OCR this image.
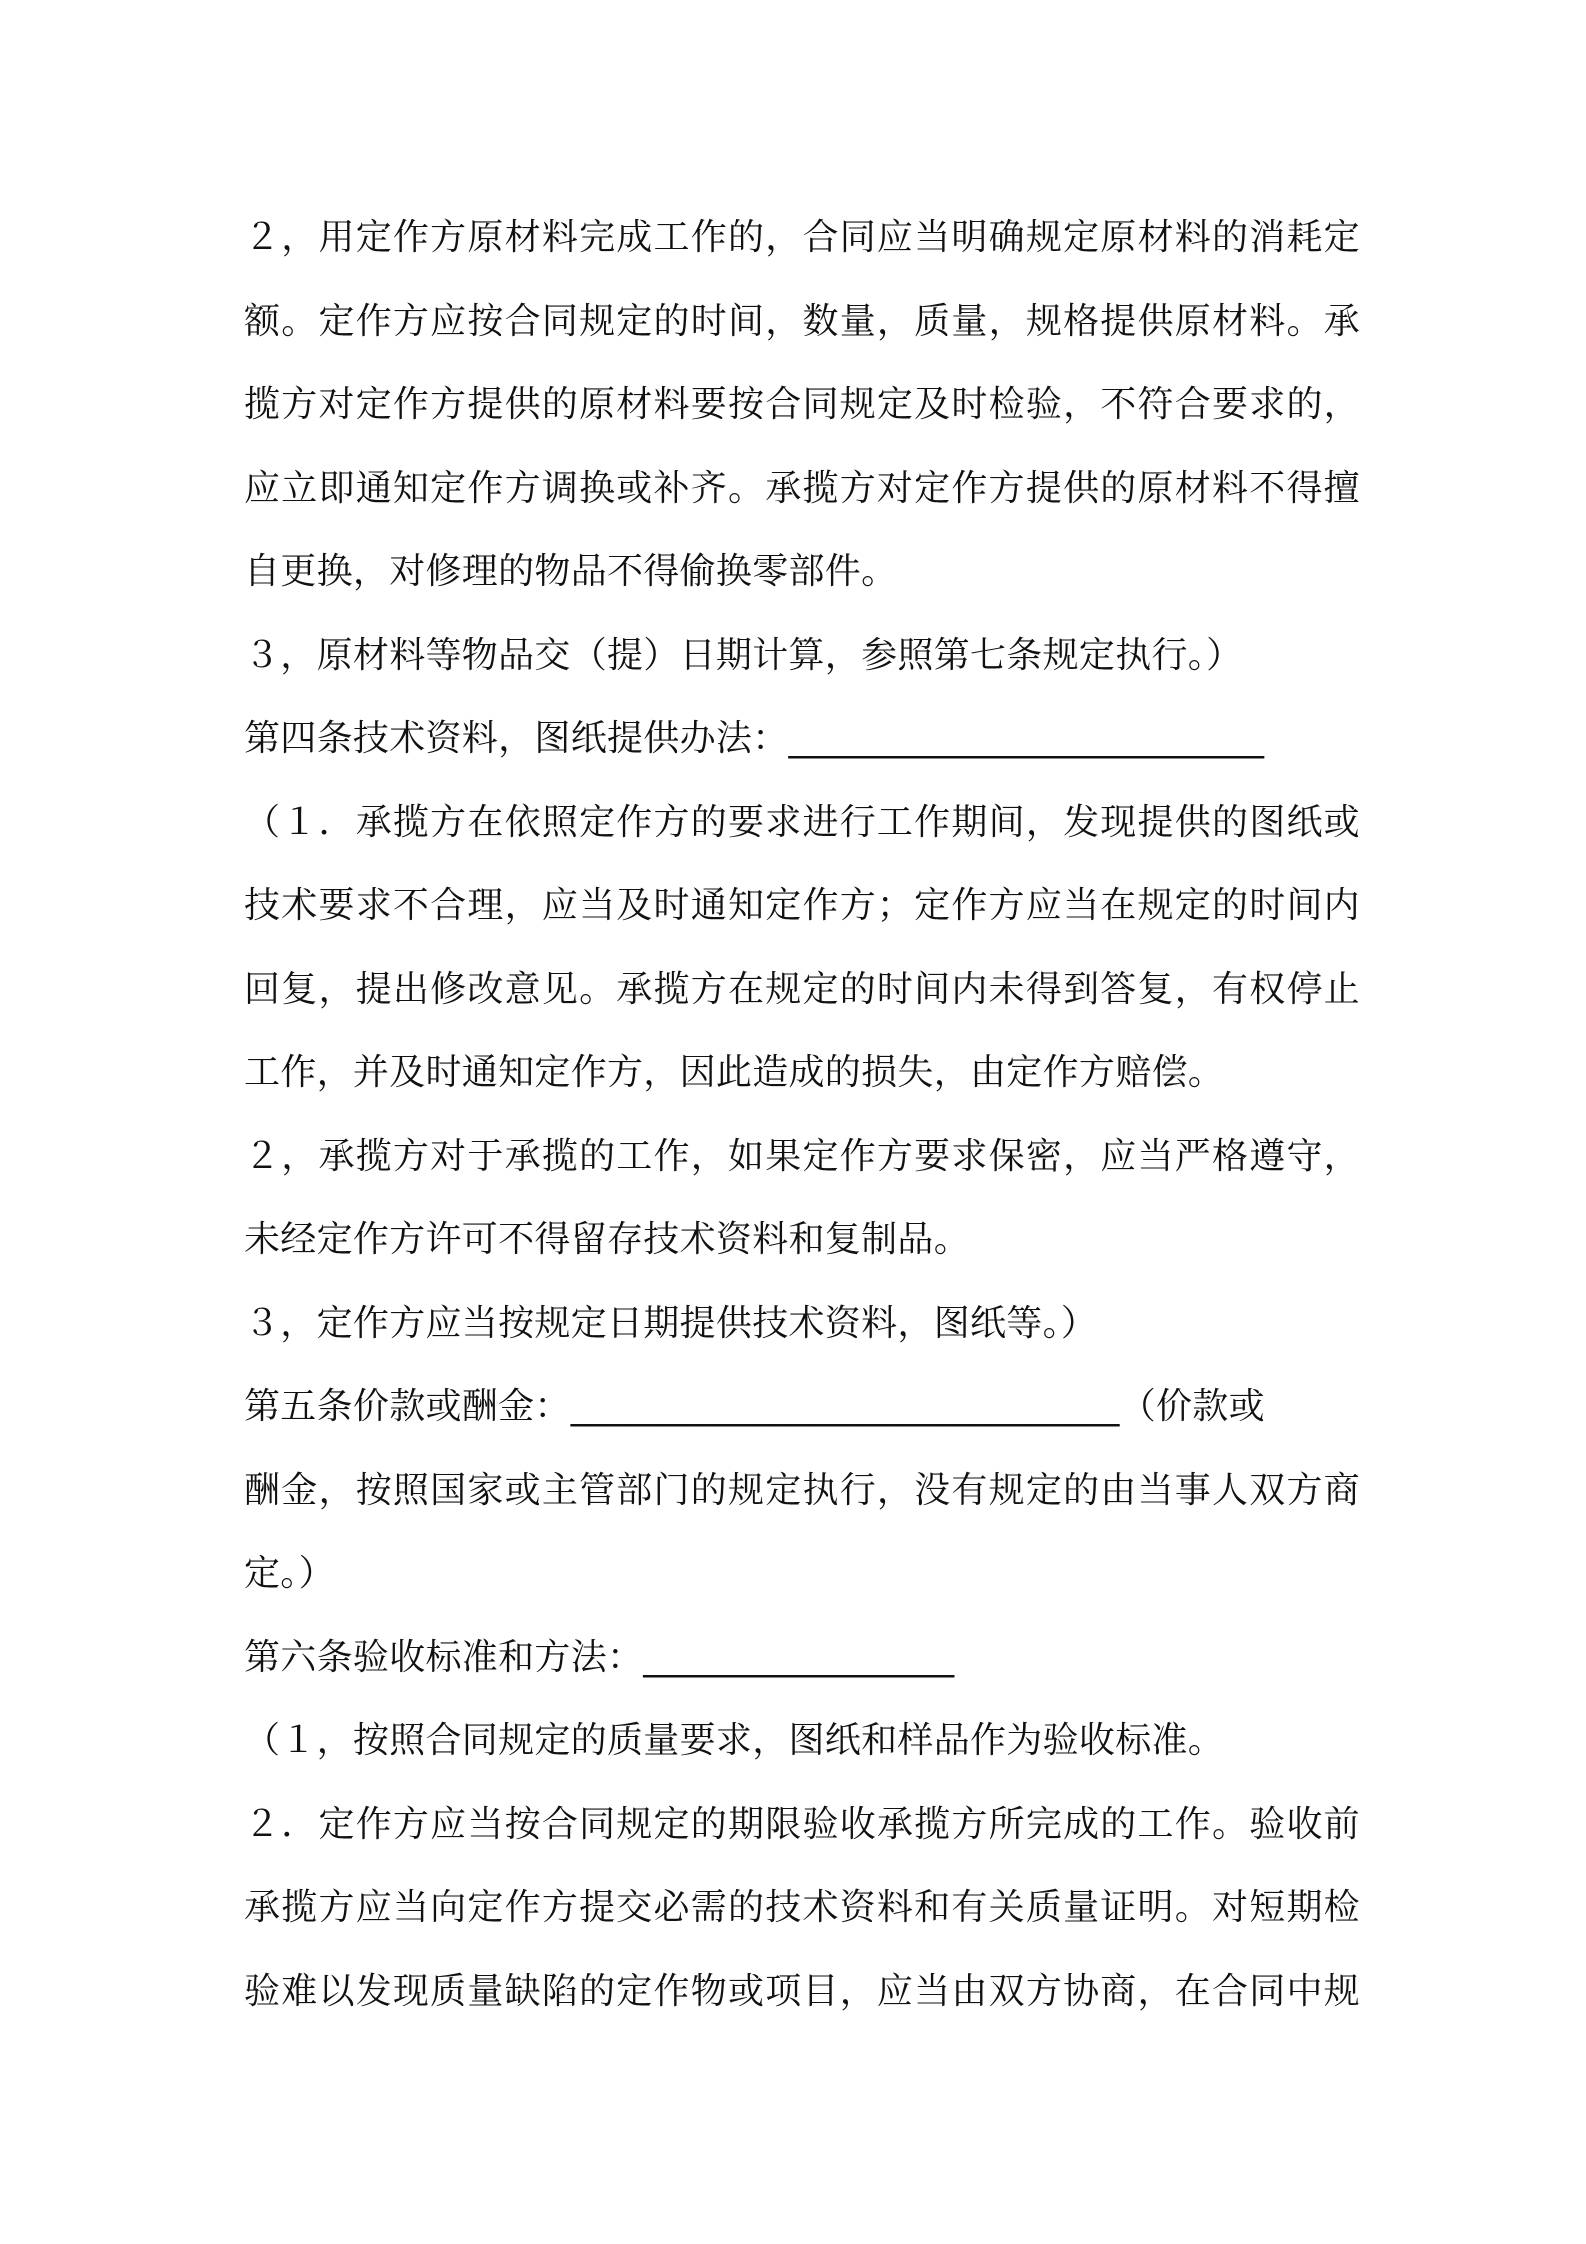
２，用定作方原材料完成工作的，合同应当明确规定原材料的消耗定
额。定作方应按合同规定的时间，数量，质量，规格提供原材料。承
揽方对定作方提供的原材料要按合同规定及时检验，不符合要求的，
应立即通知定作方调换或补齐。承揽方对定作方提供的原材料不得擅
自更换，对修理的物品不得偷换零部件。
３，原材料等物品交（提）日期计算，参照第七条规定执行。）
第四条技术资料，图纸提供办法：__________________________
（１．承揽方在依照定作方的要求进行工作期间，发现提供的图纸或
技术要求不合理，应当及时通知定作方；定作方应当在规定的时间内
回复，提出修改意见。承揽方在规定的时间内未得到答复，有权停止
工作，并及时通知定作方，因此造成的损失，由定作方赔偿。
２，承揽方对于承揽的工作，如果定作方要求保密，应当严格遵守，
未经定作方许可不得留存技术资料和复制品。
３，定作方应当按规定日期提供技术资料，图纸等。）
第五条价款或酬金：______________________________（价款或
酬金，按照国家或主管部门的规定执行，没有规定的由当事人双方商
定。）
第六条验收标准和方法：_________________
（１，按照合同规定的质量要求，图纸和样品作为验收标准。
２．定作方应当按合同规定的期限验收承揽方所完成的工作。验收前
承揽方应当向定作方提交必需的技术资料和有关质量证明。对短期检
验难以发现质量缺陷的定作物或项目，应当由双方协商，在合同中规
